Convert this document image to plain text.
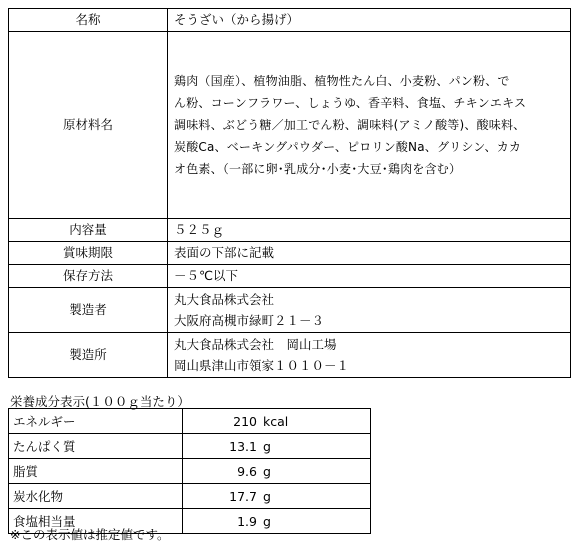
名称	そうざい（から揚げ）
原材料名	鶏肉（国産）、植物油脂、植物性たん白、小麦粉、パン粉、で
ん粉、コーンフラワー、しょうゆ、香辛料、食塩、チキンエキス
調味料、ぶどう糖／加工でん粉、調味料(アミノ酸等)、酸味料、
炭酸Ca、ベーキングパウダー、ピロリン酸Na、グリシン、カカ
オ色素、（一部に卵･乳成分･小麦･大豆･鶏肉を含む）

内容量	５２５ｇ
賞味期限	表面の下部に記載
保存方法	－５℃以下
製造者	丸大食品株式会社
大阪府高槻市緑町２１－３

製造所	丸大食品株式会社　岡山工場
岡山県津山市領家１０１０－１
栄養成分表示(１００ｇ当たり）
エネルギー	210 kcal
たんぱく質	13.1 g
脂質	9.6 g
炭水化物	17.7 g
食塩相当量	1.9 g
※この表示値は推定値です。
